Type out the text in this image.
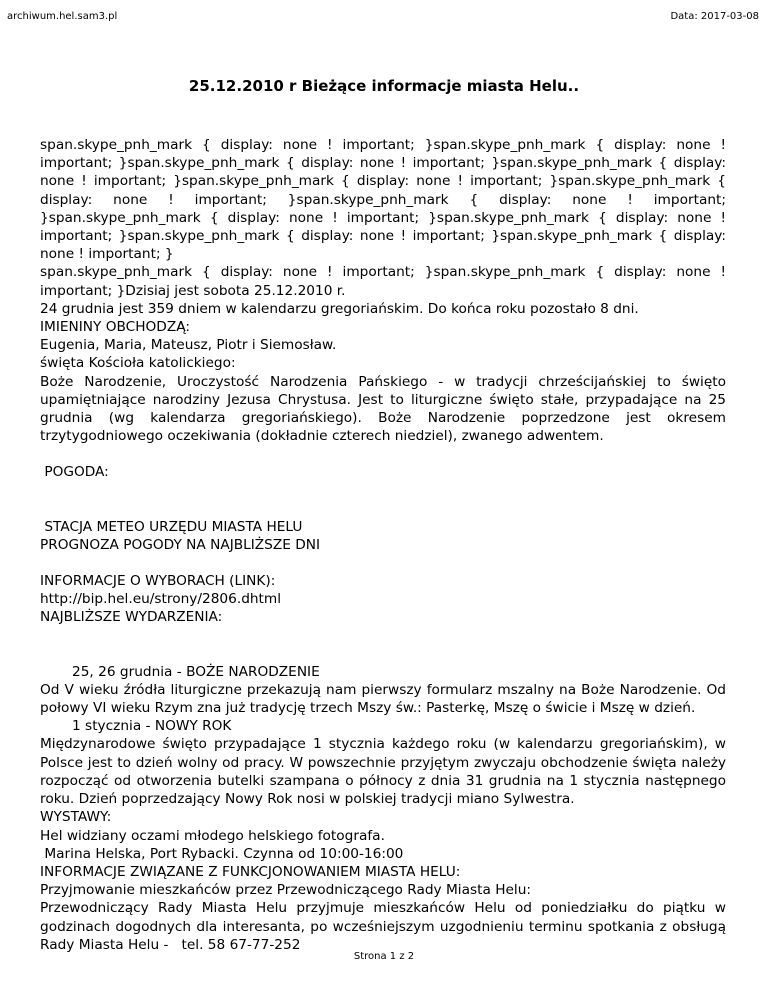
archiwum.hel.sam3.pl	Data: 2017-03-08
25.12.2010 r Bieżące informacje miasta Helu..

span.skype_pnh_mark { display: none ! important; }span.skype_pnh_mark { display: none ! important; }span.skype_pnh_mark { display: none ! important; }span.skype_pnh_mark { display: none ! important; }span.skype_pnh_mark { display: none ! important; }span.skype_pnh_mark { display: none ! important; }span.skype_pnh_mark { display: none ! important; }span.skype_pnh_mark { display: none ! important; }span.skype_pnh_mark { display: none ! important; }span.skype_pnh_mark { display: none ! important; }span.skype_pnh_mark { display: none ! important; }

span.skype_pnh_mark { display: none ! important; }span.skype_pnh_mark { display: none ! important; }Dzisiaj jest sobota 25.12.2010 r.

24 grudnia jest 359 dniem w kalendarzu gregoriańskim. Do końca roku pozostało 8 dni.

IMIENINY OBCHODZĄ:

Eugenia, Maria, Mateusz, Piotr i Siemosław.

święta Kościoła katolickiego:

Boże Narodzenie, Uroczystość Narodzenia Pańskiego - w tradycji chrześcijańskiej to święto upamiętniające narodziny Jezusa Chrystusa. Jest to liturgiczne święto stałe, przypadające na 25 grudnia (wg kalendarza gregoriańskiego). Boże Narodzenie poprzedzone jest okresem trzytygodniowego oczekiwania (dokładnie czterech niedziel), zwanego adwentem.

POGODA:

STACJA METEO URZĘDU MIASTA HELU

PROGNOZA POGODY NA NAJBLIŻSZE DNI

INFORMACJE O WYBORACH (LINK):

http://bip.hel.eu/strony/2806.dhtml

NAJBLIŻSZE WYDARZENIA:

25, 26 grudnia - BOŻE NARODZENIE

Od V wieku źródła liturgiczne przekazują nam pierwszy formularz mszalny na Boże Narodzenie. Od połowy VI wieku Rzym zna już tradycję trzech Mszy św.: Pasterkę, Mszę o świcie i Mszę w dzień.

1 stycznia - NOWY ROK

Międzynarodowe święto przypadające 1 stycznia każdego roku (w kalendarzu gregoriańskim), w Polsce jest to dzień wolny od pracy. W powszechnie przyjętym zwyczaju obchodzenie święta należy rozpocząć od otworzenia butelki szampana o północy z dnia 31 grudnia na 1 stycznia następnego roku. Dzień poprzedzający Nowy Rok nosi w polskiej tradycji miano Sylwestra.

WYSTAWY:

Hel widziany oczami młodego helskiego fotografa.

Marina Helska, Port Rybacki. Czynna od 10:00-16:00

INFORMACJE ZWIĄZANE Z FUNKCJONOWANIEM MIASTA HELU:

Przyjmowanie mieszkańców przez Przewodniczącego Rady Miasta Helu:

Przewodniczący Rady Miasta Helu przyjmuje mieszkańców Helu od poniedziałku do piątku w godzinach dogodnych dla interesanta, po wcześniejszym uzgodnieniu terminu spotkania z obsługą Rady Miasta Helu -   tel. 58 67-77-252

Strona 1 z 2
